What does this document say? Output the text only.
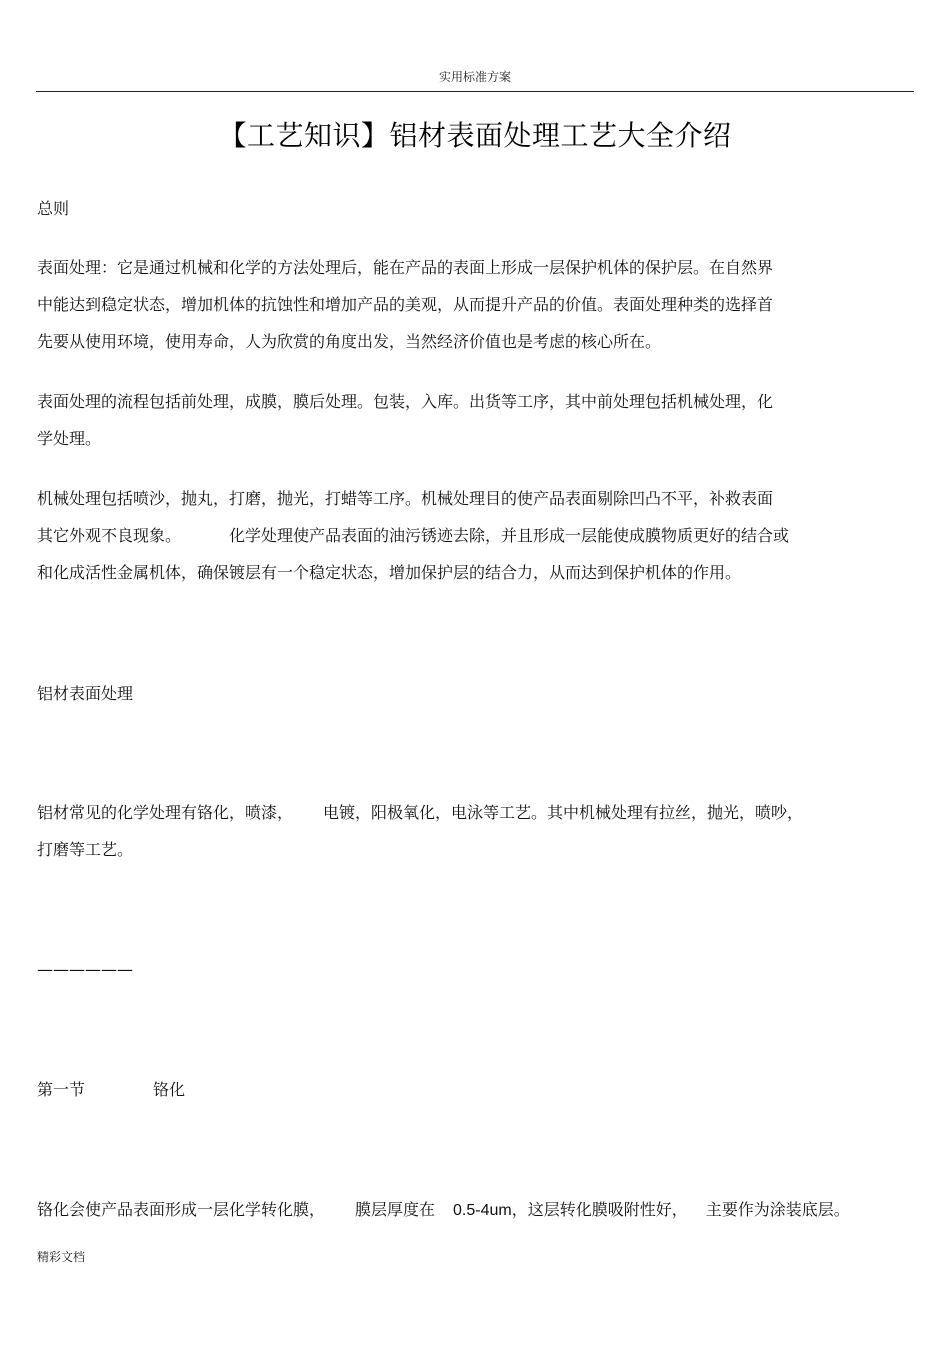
实用标准方案
【工艺知识】铝材表面处理工艺大全介绍
总则
表面处理：它是通过机械和化学的方法处理后，能在产品的表面上形成一层保护机体的保护层。在自然界
中能达到稳定状态，增加机体的抗蚀性和增加产品的美观，从而提升产品的价值。表面处理种类的选择首
先要从使用环境，使用寿命，人为欣赏的角度出发，当然经济价值也是考虑的核心所在。
表面处理的流程包括前处理，成膜，膜后处理。包装，入库。出货等工序，其中前处理包括机械处理，化
学处理。
机械处理包括喷沙，抛丸，打磨，抛光，打蜡等工序。机械处理目的使产品表面剔除凹凸不平，补救表面
其它外观不良现象。	化学处理使产品表面的油污锈迹去除，并且形成一层能使成膜物质更好的结合或
和化成活性金属机体，确保镀层有一个稳定状态，增加保护层的结合力，从而达到保护机体的作用。
铝材表面处理
铝材常见的化学处理有铬化，喷漆， 电镀，阳极氧化，电泳等工艺。其中机械处理有拉丝，抛光，喷吵，
打磨等工艺。
——————
第一节	铬化
铬化会使产品表面形成一层化学转化膜， 膜层厚度在 0.5-4um，这层转化膜吸附性好， 主要作为涂装底层。
精彩文档
